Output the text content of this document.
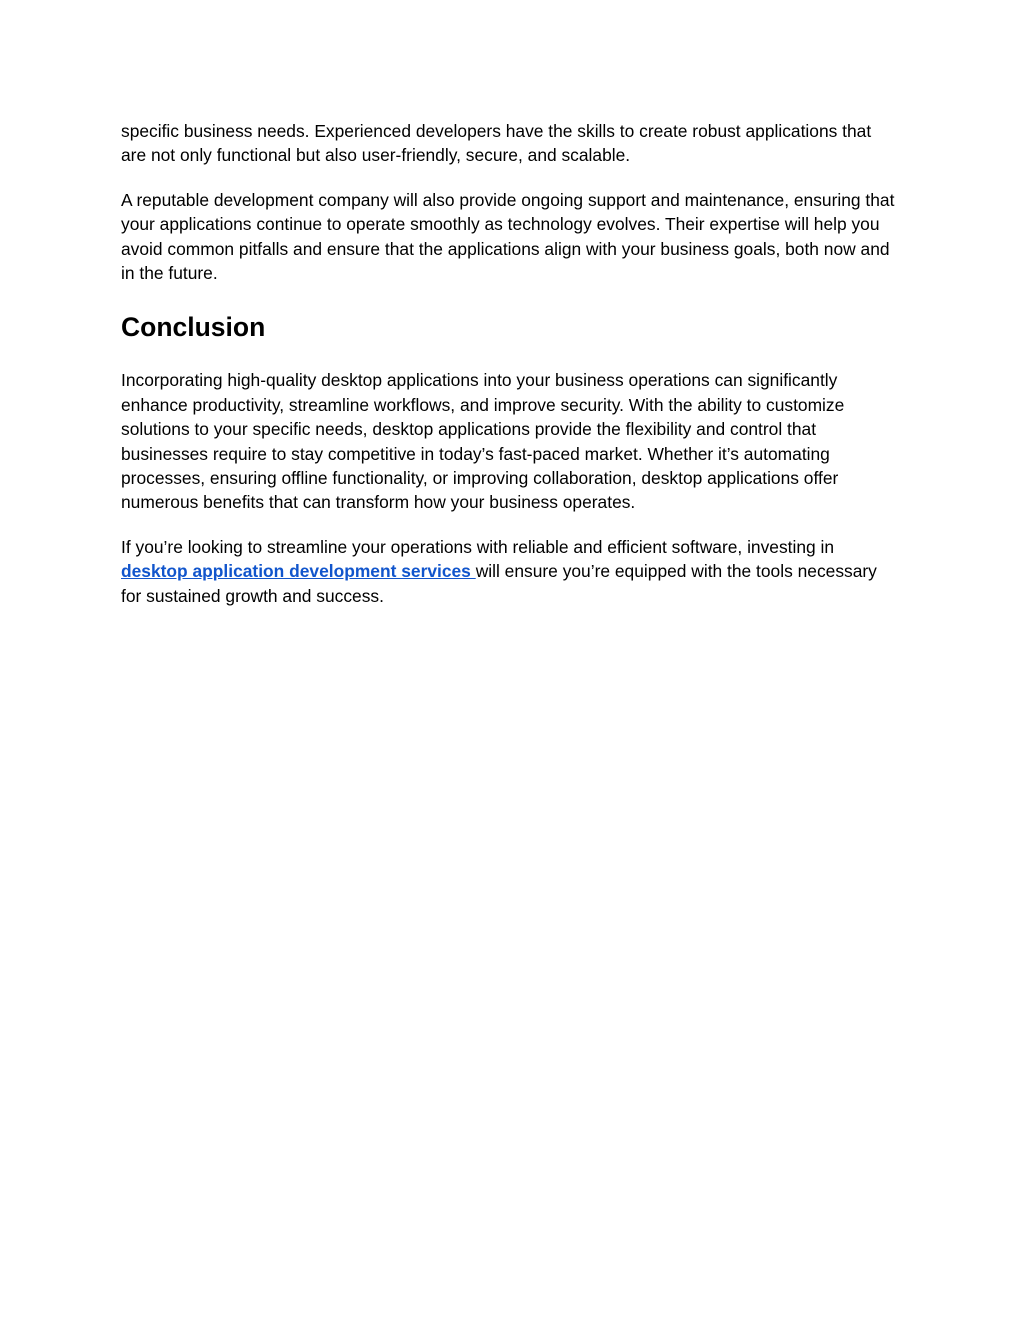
specific business needs. Experienced developers have the skills to create robust applications that are not only functional but also user-friendly, secure, and scalable.

A reputable development company will also provide ongoing support and maintenance, ensuring that your applications continue to operate smoothly as technology evolves. Their expertise will help you avoid common pitfalls and ensure that the applications align with your business goals, both now and in the future.

Conclusion

Incorporating high-quality desktop applications into your business operations can significantly enhance productivity, streamline workflows, and improve security. With the ability to customize solutions to your specific needs, desktop applications provide the flexibility and control that businesses require to stay competitive in today’s fast-paced market. Whether it’s automating processes, ensuring offline functionality, or improving collaboration, desktop applications offer numerous benefits that can transform how your business operates.

If you’re looking to streamline your operations with reliable and efficient software, investing in desktop application development services will ensure you’re equipped with the tools necessary for sustained growth and success.
